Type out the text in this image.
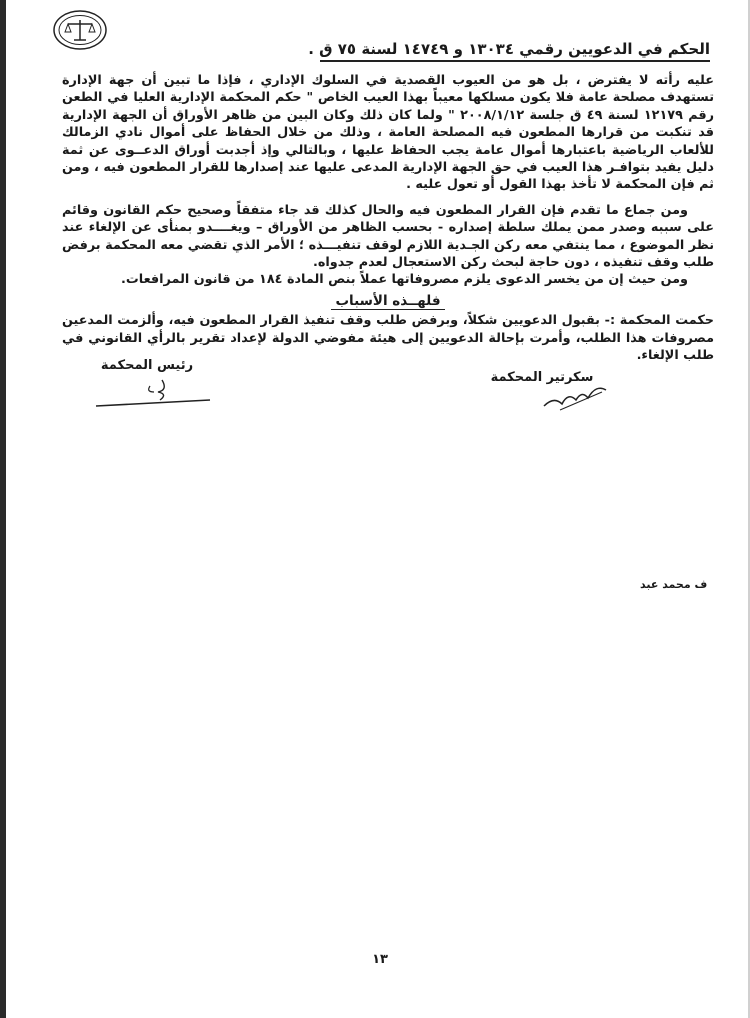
الحكم في الدعويين رقمي ١٣٠٣٤ و ١٤٧٤٩ لسنة ٧٥ ق .

عليه رأته لا يفترض ، بل هو من العيوب القصدية في السلوك الإداري ، فإذا ما تبين أن جهة الإدارة تستهدف مصلحة عامة فلا يكون مسلكها معيباً بهذا العيب الخاص " حكم المحكمة الإدارية العليا في الطعن رقم ١٢١٧٩ لسنة ٤٩ ق جلسة ٢٠٠٨/١/١٢ " ولما كان ذلك وكان البين من ظاهر الأوراق أن الجهة الإدارية قد تنكبت من قرارها المطعون فيه المصلحة العامة ، وذلك من خلال الحفاظ على أموال نادي الزمالك للألعاب الرياضية باعتبارها أموال عامة يجب الحفاظ عليها ، وبالتالي وإذ أجدبت أوراق الدعــوى عن ثمة دليل يفيد بتوافـر هذا العيب في حق الجهة الإدارية المدعى عليها عند إصدارها للقرار المطعون فيه ، ومن ثم فإن المحكمة لا تأخذ بهذا القول أو تعول عليه .

ومن جماع ما تقدم فإن القرار المطعون فيه والحال كذلك قد جاء متفقاً وصحيح حكم القانون وقائم على سببه وصدر ممن يملك سلطة إصداره - بحسب الظاهر من الأوراق – ويغــــدو بمنأى عن الإلغاء عند نظر الموضوع ، مما ينتفي معه ركن الجـدية اللازم لوقف تنفيـــذه ؛ الأمر الذي تقضي معه المحكمة برفض طلب وقف تنفيذه ، دون حاجة لبحث ركن الاستعجال لعدم جدواه.

ومن حيث إن من يخسر الدعوى يلزم مصروفاتها عملاً بنص المادة ١٨٤ من قانون المرافعات.

فلهــذه الأسباب

حكمت المحكمة :- بقبول الدعويين شكلاً، وبرفض طلب وقف تنفيذ القرار المطعون فيه، وألزمت المدعين مصروفات هذا الطلب، وأمرت بإحالة الدعويين إلى هيئة مفوضي الدولة لإعداد تقرير بالرأي القانوني في طلب الإلغاء.

رئيس المحكمة
سكرتير المحكمة
ف محمد عبد
١٣
